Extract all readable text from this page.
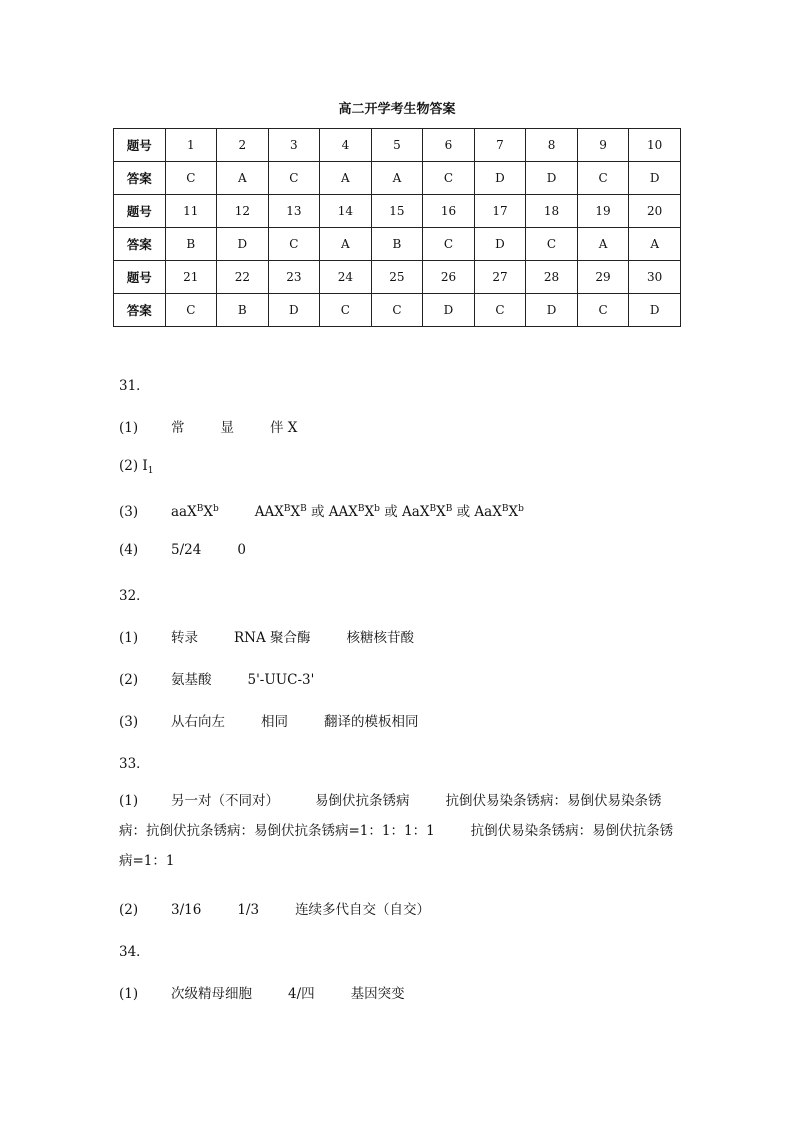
高二开学考生物答案
题号	1	2	3	4	5	6	7	8	9	10
答案	C	A	C	A	A	C	D	D	C	D
题号	11	12	13	14	15	16	17	18	19	20
答案	B	D	C	A	B	C	D	C	A	A
题号	21	22	23	24	25	26	27	28	29	30
答案	C	B	D	C	C	D	C	D	C	D
31．
(1) 常	显	伴 X
(2) $I_1$
(3) $aaX^BX^b$	$AAX^BX^B$ 或 $AAX^BX^b$ 或 $AaX^BX^B$ 或 $AaX^BX^b$
(4) 5/24	0
32．
(1) 转录	RNA 聚合酶	核糖核苷酸
(2) 氨基酸	5'-UUC-3'
(3) 从右向左	相同	翻译的模板相同
33．
(1) 另一对（不同对）	易倒伏抗条锈病	抗倒伏易染条锈病：易倒伏易染条锈病：抗倒伏抗条锈病：易倒伏抗条锈病=1：1：1：1	抗倒伏易染条锈病：易倒伏抗条锈病=1：1
(2) 3/16	1/3	连续多代自交（自交）
34．
(1) 次级精母细胞	4/四	基因突变
